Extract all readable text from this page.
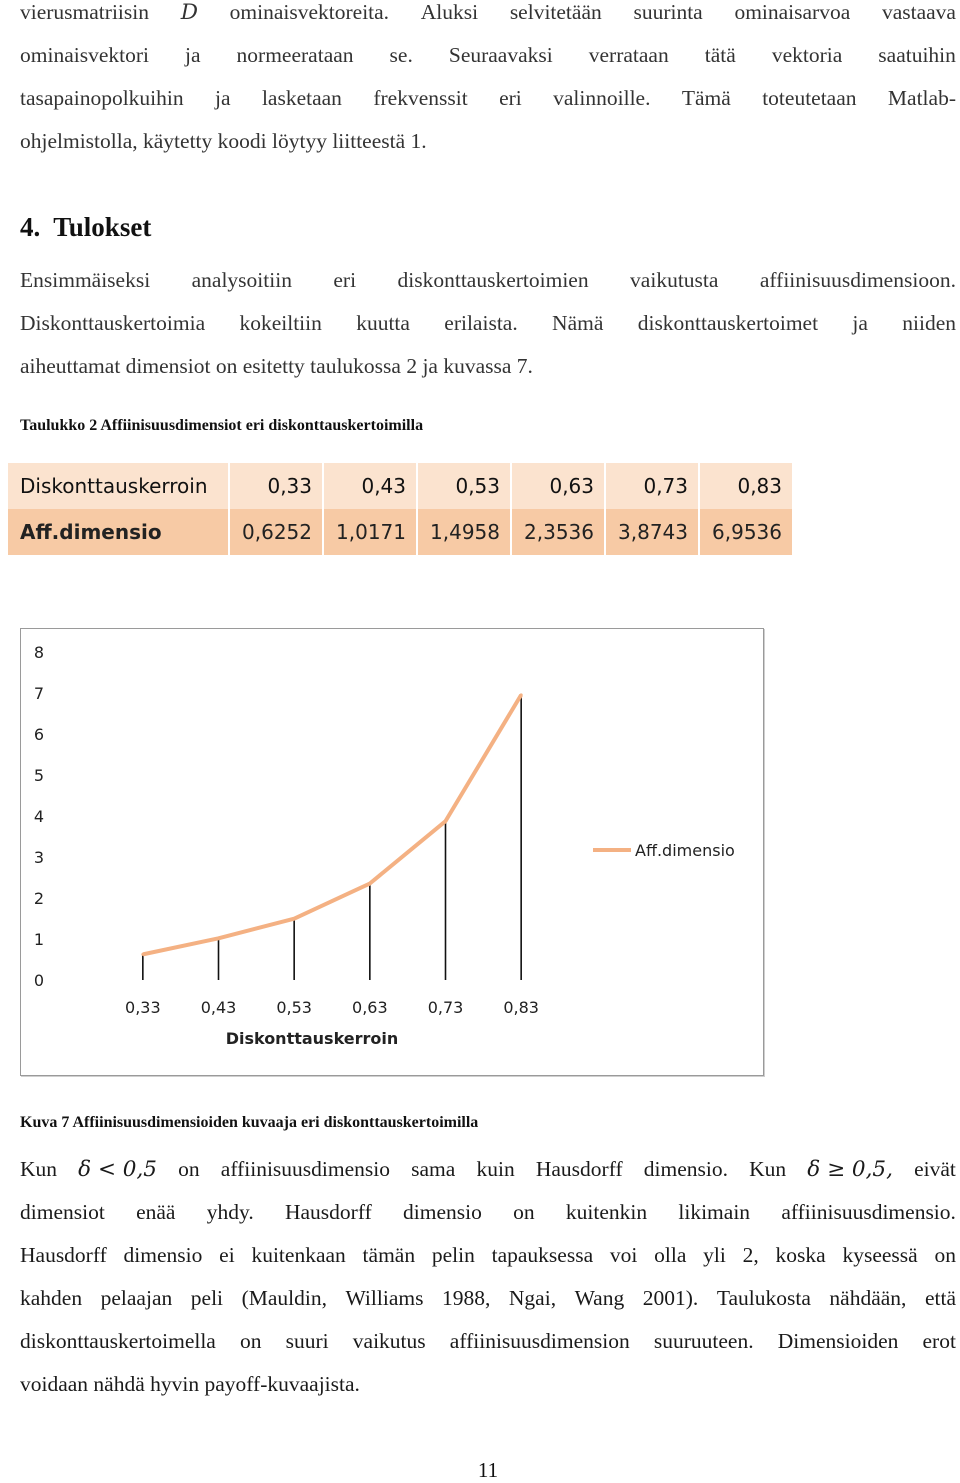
vierusmatriisin D ominaisvektoreita. Aluksi selvitetään suurinta ominaisarvoa vastaava
ominaisvektori ja normeerataan se. Seuraavaksi verrataan tätä vektoria saatuihin
tasapainopolkuihin ja lasketaan frekvenssit eri valinnoille. Tämä toteutetaan Matlab-
ohjelmistolla, käytetty koodi löytyy liitteestä 1.
4.  Tulokset
Ensimmäiseksi analysoitiin eri diskonttauskertoimien vaikutusta affiinisuusdimensioon.
Diskonttauskertoimia kokeiltiin kuutta erilaista. Nämä diskonttauskertoimet ja niiden
aiheuttamat dimensiot on esitetty taulukossa 2 ja kuvassa 7.
Taulukko 2 Affiinisuusdimensiot eri diskonttauskertoimilla
Diskonttauskerroin	0,33	0,43	0,53	0,63	0,73	0,83
Aff.dimensio	0,6252	1,0171	1,4958	2,3536	3,8743	6,9536
0
1
2
3
4
5
6
7
8
0,33	0,43	0,53	0,63	0,73	0,83
Diskonttauskerroin
Aff.dimensio
Kuva 7 Affiinisuusdimensioiden kuvaaja eri diskonttauskertoimilla
Kun δ < 0,5 on affiinisuusdimensio sama kuin Hausdorff dimensio. Kun δ ≥ 0,5, eivät
dimensiot enää yhdy. Hausdorff dimensio on kuitenkin likimain affiinisuusdimensio.
Hausdorff dimensio ei kuitenkaan tämän pelin tapauksessa voi olla yli 2, koska kyseessä on
kahden pelaajan peli (Mauldin, Williams 1988, Ngai, Wang 2001). Taulukosta nähdään, että
diskonttauskertoimella on suuri vaikutus affiinisuusdimension suuruuteen. Dimensioiden erot
voidaan nähdä hyvin payoff-kuvaajista.
11
